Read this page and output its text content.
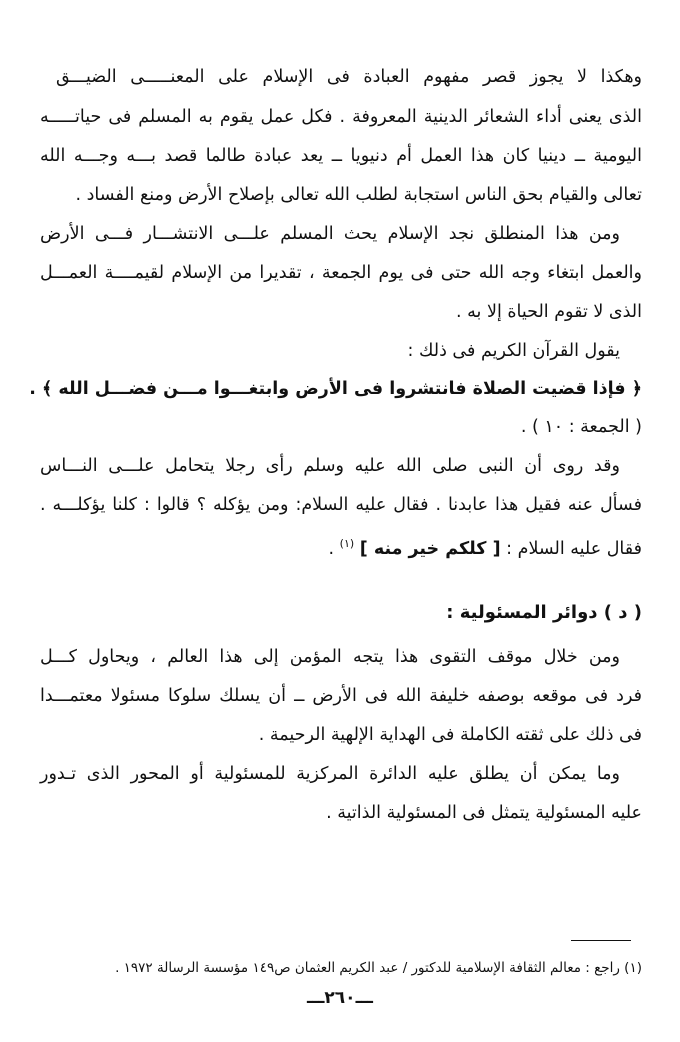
وهكذا لا يجوز قصر مفهوم العبادة فى الإسلام على المعنـــــى الضيـــق
الذى يعنى أداء الشعائر الدينية المعروفة . فكل عمل يقوم به المسلم فى حياتـــــه
اليومية ــ دينيا كان هذا العمل أم دنيويا ــ يعد عبادة طالما قصد بـــه وجـــه الله
تعالى والقيام بحق الناس استجابة لطلب الله تعالى بإصلاح الأرض ومنع الفساد .
ومن هذا المنطلق نجد الإسلام يحث المسلم علـــى الانتشـــار فـــى الأرض
والعمل ابتغاء وجه الله حتى فى يوم الجمعة ، تقديرا من الإسلام لقيمــــة العمـــل
الذى لا تقوم الحياة إلا به .
يقول القرآن الكريم فى ذلك :
﴿ فإذا قضيت الصلاة فانتشروا فى الأرض وابتغـــوا مـــن فضـــل الله ﴾ .
( الجمعة : ١٠ ) .
وقد روى أن النبى صلى الله عليه وسلم رأى رجلا يتحامل علـــى النـــاس
فسأل عنه فقيل هذا عابدنا . فقال عليه السلام: ومن يؤكله ؟ قالوا : كلنا يؤكلـــه .
فقال عليه السلام : [ كلكم خير منه ] $^{(١)}$ .
( د ) دوائر المسئولية :
ومن خلال موقف التقوى هذا يتجه المؤمن إلى هذا العالم ، ويحاول كـــل
فرد فى موقعه بوصفه خليفة الله فى الأرض ــ أن يسلك سلوكا مسئولا معتمـــدا
فى ذلك على ثقته الكاملة فى الهداية الإلهية الرحيمة .
وما يمكن أن يطلق عليه الدائرة المركزية للمسئولية أو المحور الذى تـدور
عليه المسئولية يتمثل فى المسئولية الذاتية .
(١) راجع : معالم الثقافة الإسلامية للدكتور / عبد الكريم العثمان ص١٤٩ مؤسسة الرسالة ١٩٧٢ .
ـــ٢٦٠ـــ
